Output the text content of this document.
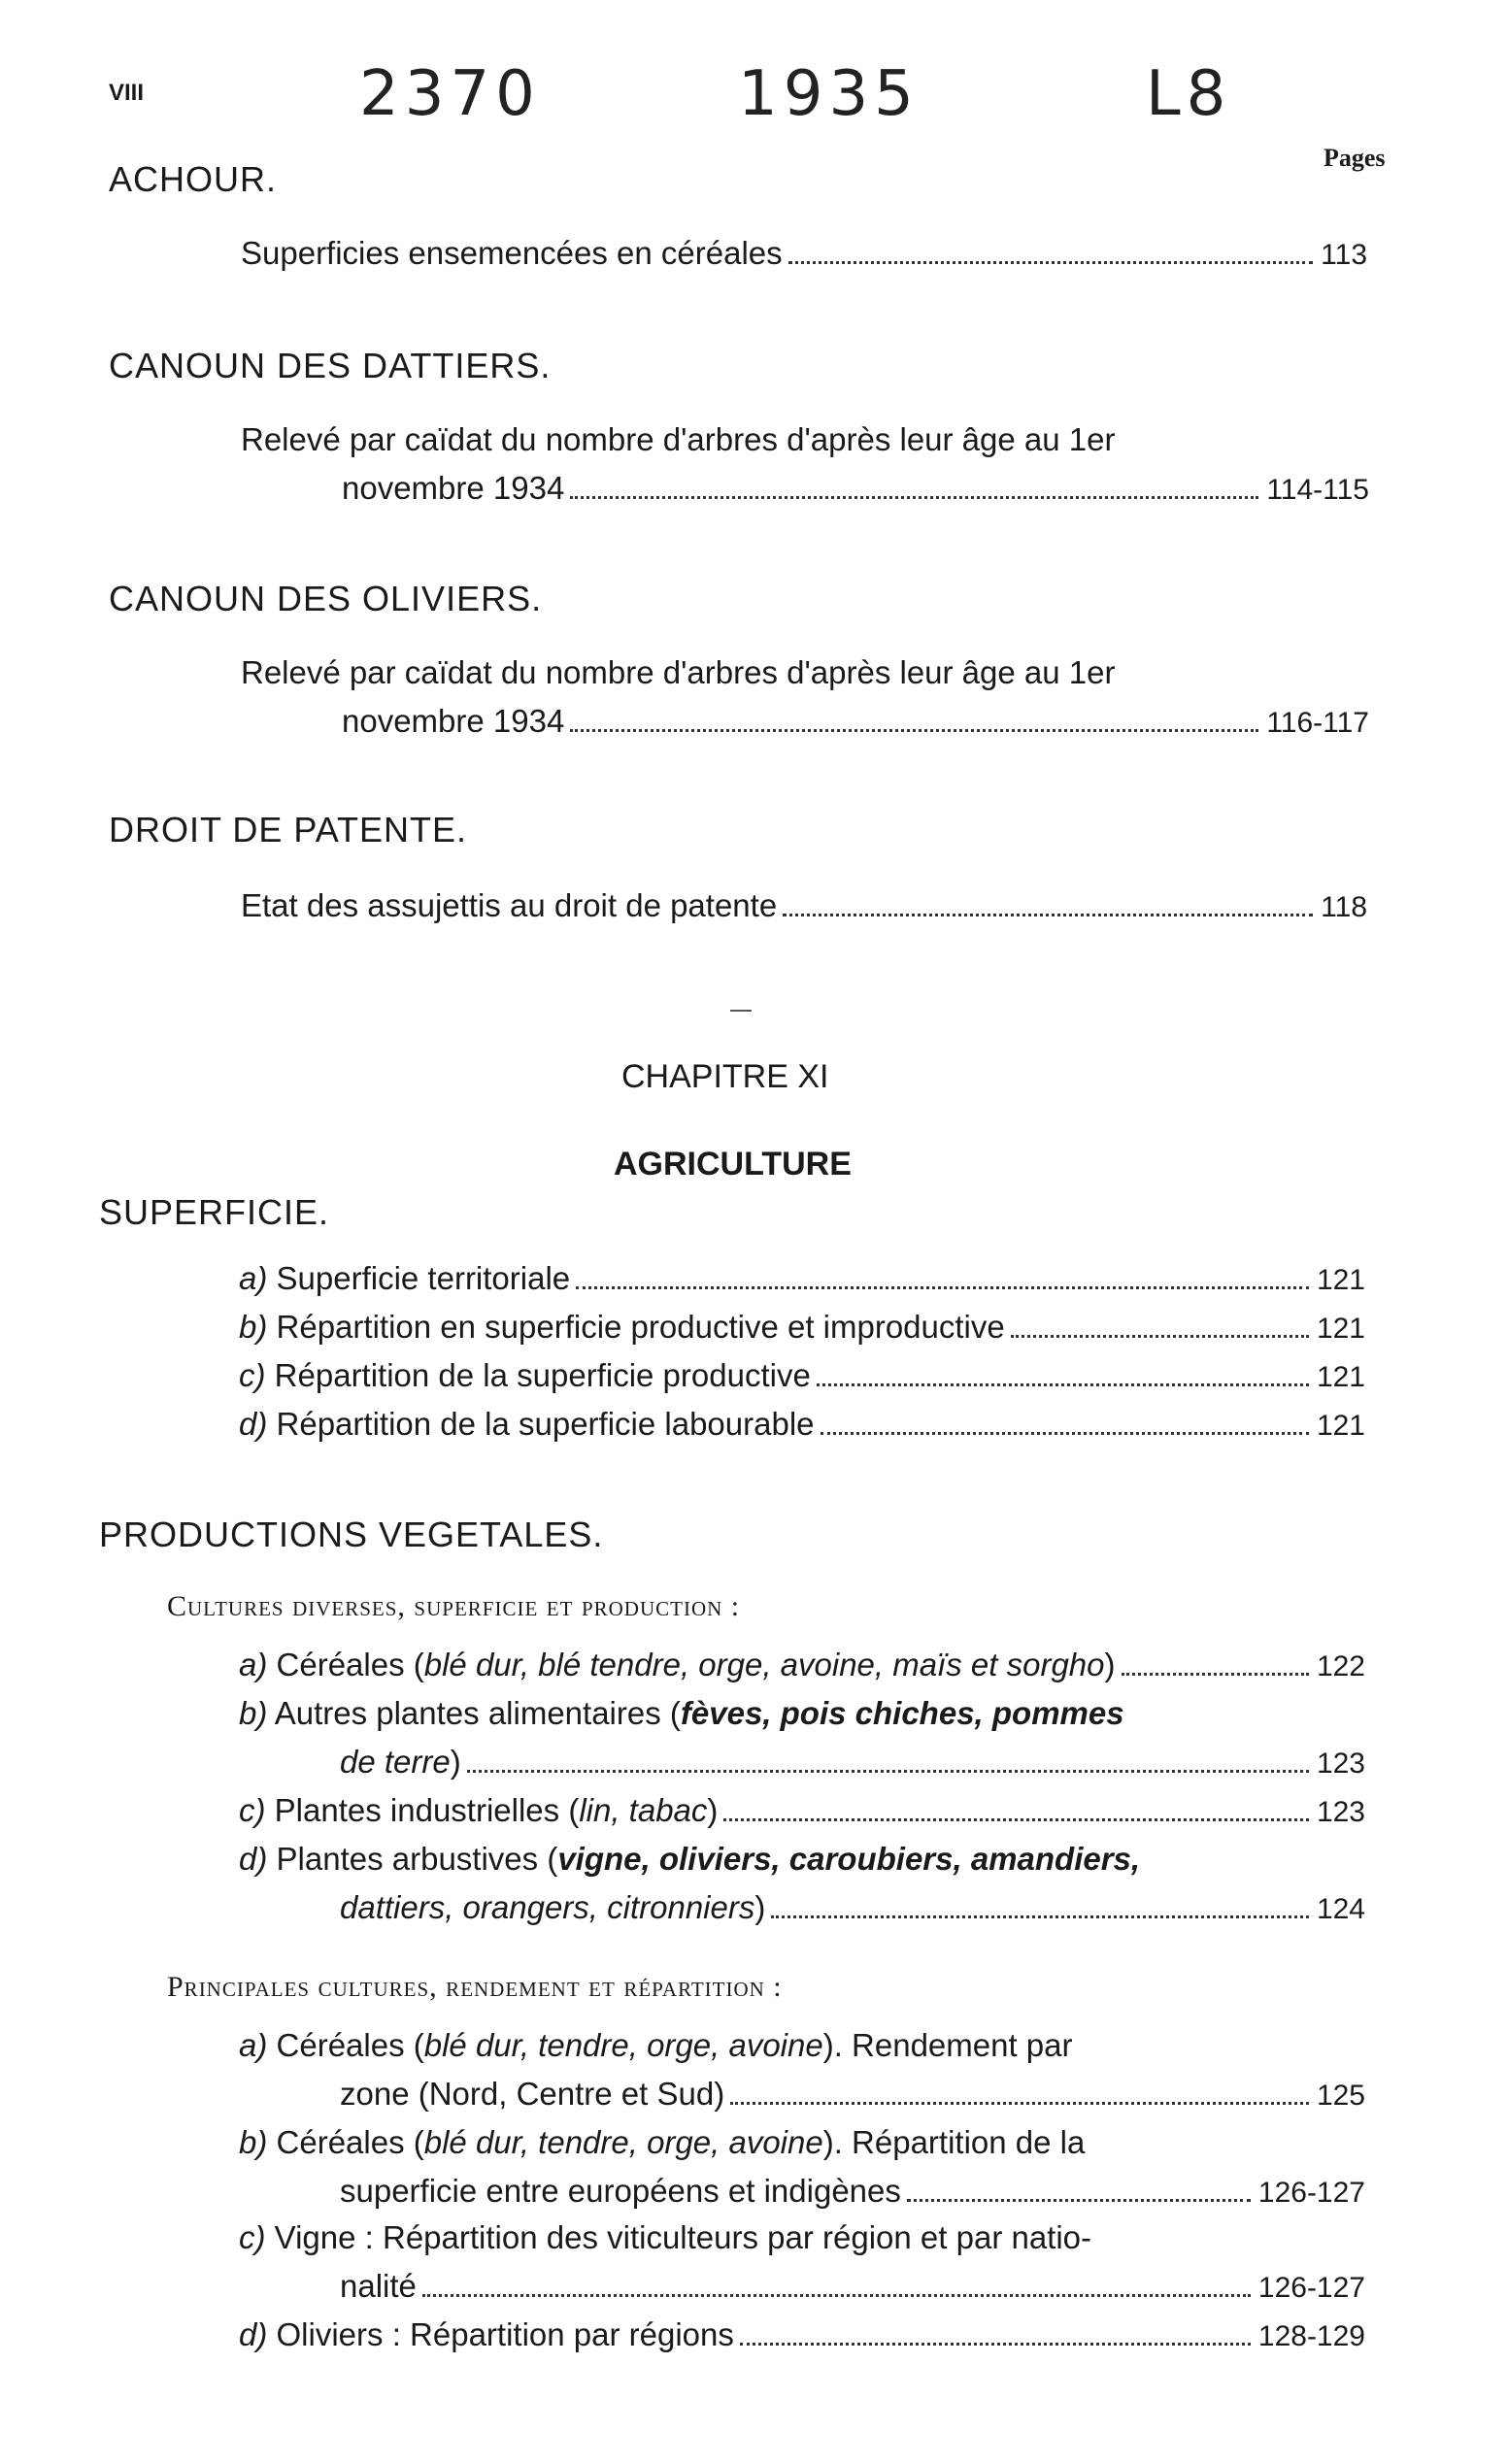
VIII	2370	1935	L8
Pages
ACHOUR.
Superficies ensemencées en céréales	113
CANOUN DES DATTIERS.
Relevé par caïdat du nombre d'arbres d'après leur âge au 1er
novembre 1934	114-115
CANOUN DES OLIVIERS.
Relevé par caïdat du nombre d'arbres d'après leur âge au 1er
novembre 1934	116-117
DROIT DE PATENTE.
Etat des assujettis au droit de patente	118
CHAPITRE XI
AGRICULTURE
SUPERFICIE.
a) Superficie territoriale	121
b) Répartition en superficie productive et improductive	121
c) Répartition de la superficie productive	121
d) Répartition de la superficie labourable	121
PRODUCTIONS VEGETALES.
Cultures diverses, superficie et production :
a) Céréales (blé dur, blé tendre, orge, avoine, maïs et sorgho)	122
b) Autres plantes alimentaires (fèves, pois chiches, pommes
de terre)	123
c) Plantes industrielles (lin, tabac)	123
d) Plantes arbustives (vigne, oliviers, caroubiers, amandiers,
dattiers, orangers, citronniers)	124
Principales cultures, rendement et répartition :
a) Céréales (blé dur, tendre, orge, avoine). Rendement par
zone (Nord, Centre et Sud)	125
b) Céréales (blé dur, tendre, orge, avoine). Répartition de la
superficie entre européens et indigènes	126-127
c) Vigne : Répartition des viticulteurs par région et par natio-
nalité	126-127
d) Oliviers : Répartition par régions	128-129
